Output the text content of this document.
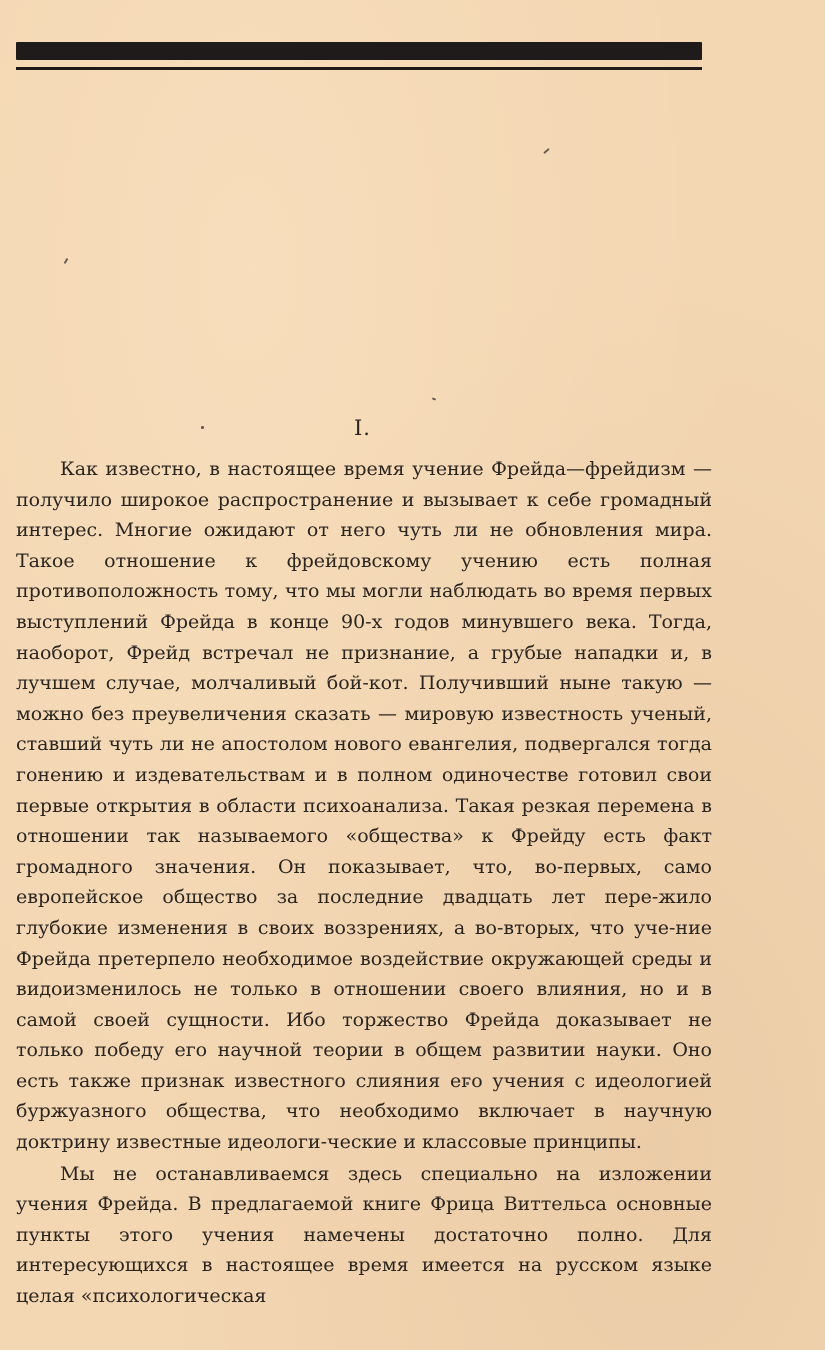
I.

Как известно, в настоящее время учение Фрейда—фрейдизм — получило широкое распространение и вызывает к себе громадный интерес. Многие ожидают от него чуть ли не обновления мира. Такое отношение к фрейдовскому учению есть полная противоположность тому, что мы могли наблюдать во время первых выступлений Фрейда в конце 90-х годов минувшего века. Тогда, наоборот, Фрейд встречал не признание, а грубые нападки и, в лучшем случае, молчаливый бой-кот. Получивший ныне такую — можно без преувеличения сказать — мировую известность ученый, ставший чуть ли не апостолом нового евангелия, подвергался тогда гонению и издевательствам и в полном одиночестве готовил свои первые открытия в области психоанализа. Такая резкая перемена в отношении так называемого «общества» к Фрейду есть факт громадного значения. Он показывает, что, во-первых, само европейское общество за последние двадцать лет пере-жило глубокие изменения в своих воззрениях, а во-вторых, что уче-ние Фрейда претерпело необходимое воздействие окружающей среды и видоизменилось не только в отношении своего влияния, но и в самой своей сущности. Ибо торжество Фрейда доказывает не только победу его научной теории в общем развитии науки. Оно есть также признак известного слияния его учения с идеологией буржуазного общества, что необходимо включает в научную доктрину известные идеологи-ческие и классовые принципы.

Мы не останавливаемся здесь специально на изложении учения Фрейда. В предлагаемой книге Фрица Виттельса основные пункты этого учения намечены достаточно полно. Для интересующихся в настоящее время имеется на русском языке целая «психологическая
